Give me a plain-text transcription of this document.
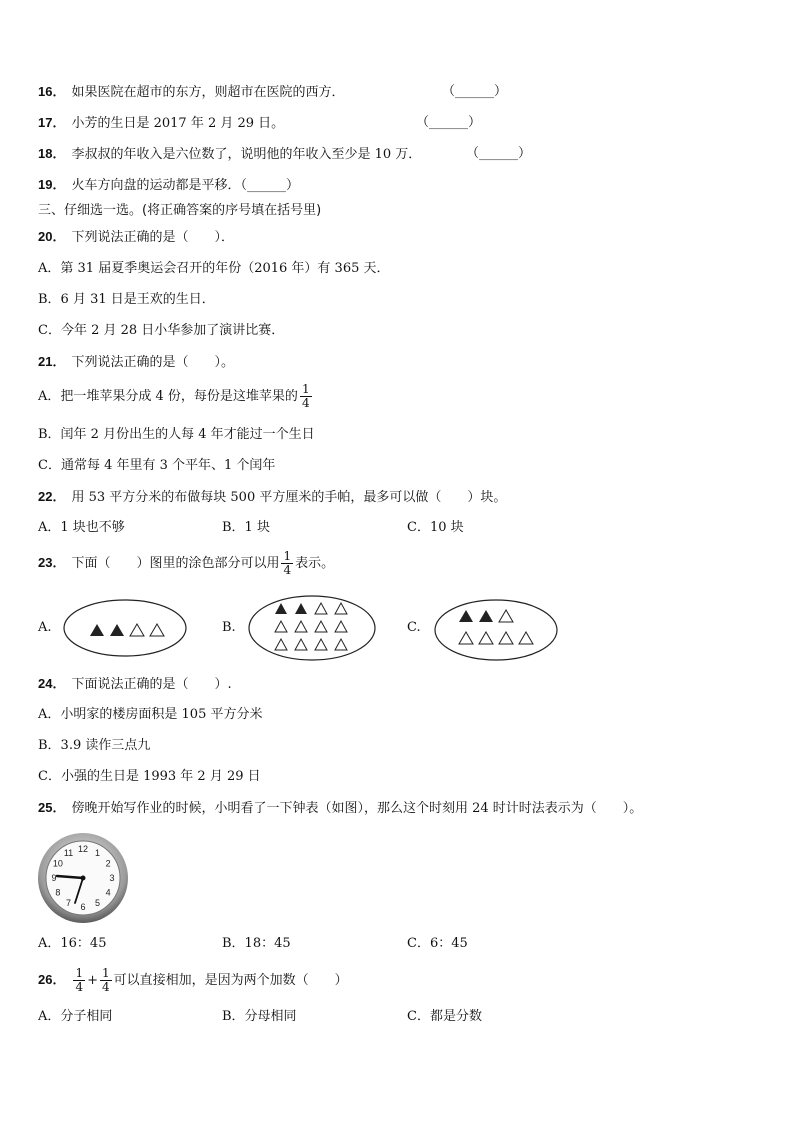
16． 如果医院在超市的东方，则超市在医院的西方．	（______）
17． 小芳的生日是 2017 年 2 月 29 日。	（______）
18． 李叔叔的年收入是六位数了，说明他的年收入至少是 10 万．	（______）
19． 火车方向盘的运动都是平移．（______）
三、仔细选一选。(将正确答案的序号填在括号里)
20． 下列说法正确的是（　　）．
A．第 31 届夏季奥运会召开的年份（2016 年）有 365 天．
B．6 月 31 日是王欢的生日．
C．今年 2 月 28 日小华参加了演讲比赛．
21． 下列说法正确的是（　　）。
A．把一堆苹果分成 4 份，每份是这堆苹果的 $\frac{1}{4}$
B．闰年 2 月份出生的人每 4 年才能过一个生日
C．通常每 4 年里有 3 个平年、1 个闰年
22． 用 53 平方分米的布做每块 500 平方厘米的手帕，最多可以做（　　）块。
A．1 块也不够	B．1 块	C．10 块
23． 下面（　　）图里的涂色部分可以用 $\frac{1}{4}$ 表示。
A.	B.	C.
24． 下面说法正确的是（　　）.
A．小明家的楼房面积是 105 平方分米
B．3.9 读作三点九
C．小强的生日是 1993 年 2 月 29 日
25． 傍晚开始写作业的时候，小明看了一下钟表（如图），那么这个时刻用 24 时计时法表示为（　　）。
12 1
2
3
4
5
6
7
8
9
10
11
A．16：45	B．18：45	C．6：45
26． $\frac{1}{4} + \frac{1}{4}$ 可以直接相加，是因为两个加数（　　）
A．分子相同	B．分母相同	C．都是分数
